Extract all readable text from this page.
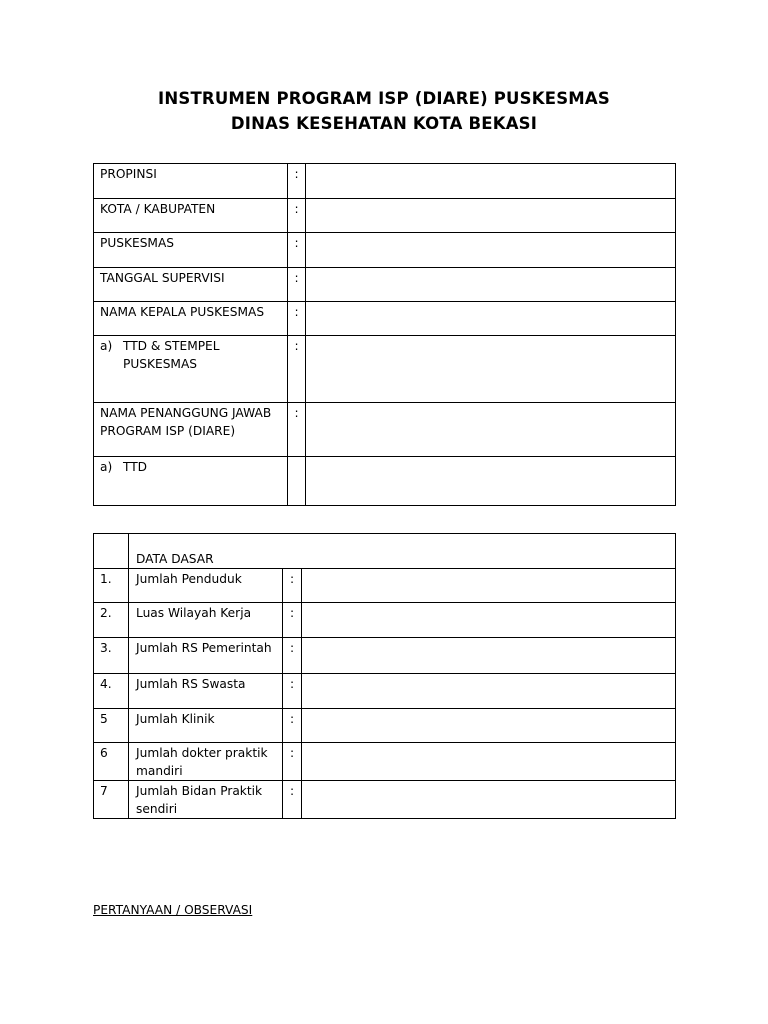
INSTRUMEN PROGRAM ISP (DIARE) PUSKESMAS
DINAS KESEHATAN KOTA BEKASI
PROPINSI	:	

KOTA / KABUPATEN	:	

PUSKESMAS	:	

TANGGAL SUPERVISI	:	

NAMA KEPALA PUSKESMAS	:	

a) TTD & STEMPEL PUSKESMAS	:	

NAMA PENANGGUNG JAWAB PROGRAM ISP (DIARE)	:	

a) TTD		

	DATA DASAR		

1.	Jumlah Penduduk	:	

2.	Luas Wilayah Kerja	:	

3.	Jumlah RS Pemerintah	:	

4.	Jumlah RS Swasta	:	

5	Jumlah Klinik	:	

6	Jumlah dokter praktik mandiri	:	

7	Jumlah Bidan Praktik sendiri	:	

PERTANYAAN / OBSERVASI
